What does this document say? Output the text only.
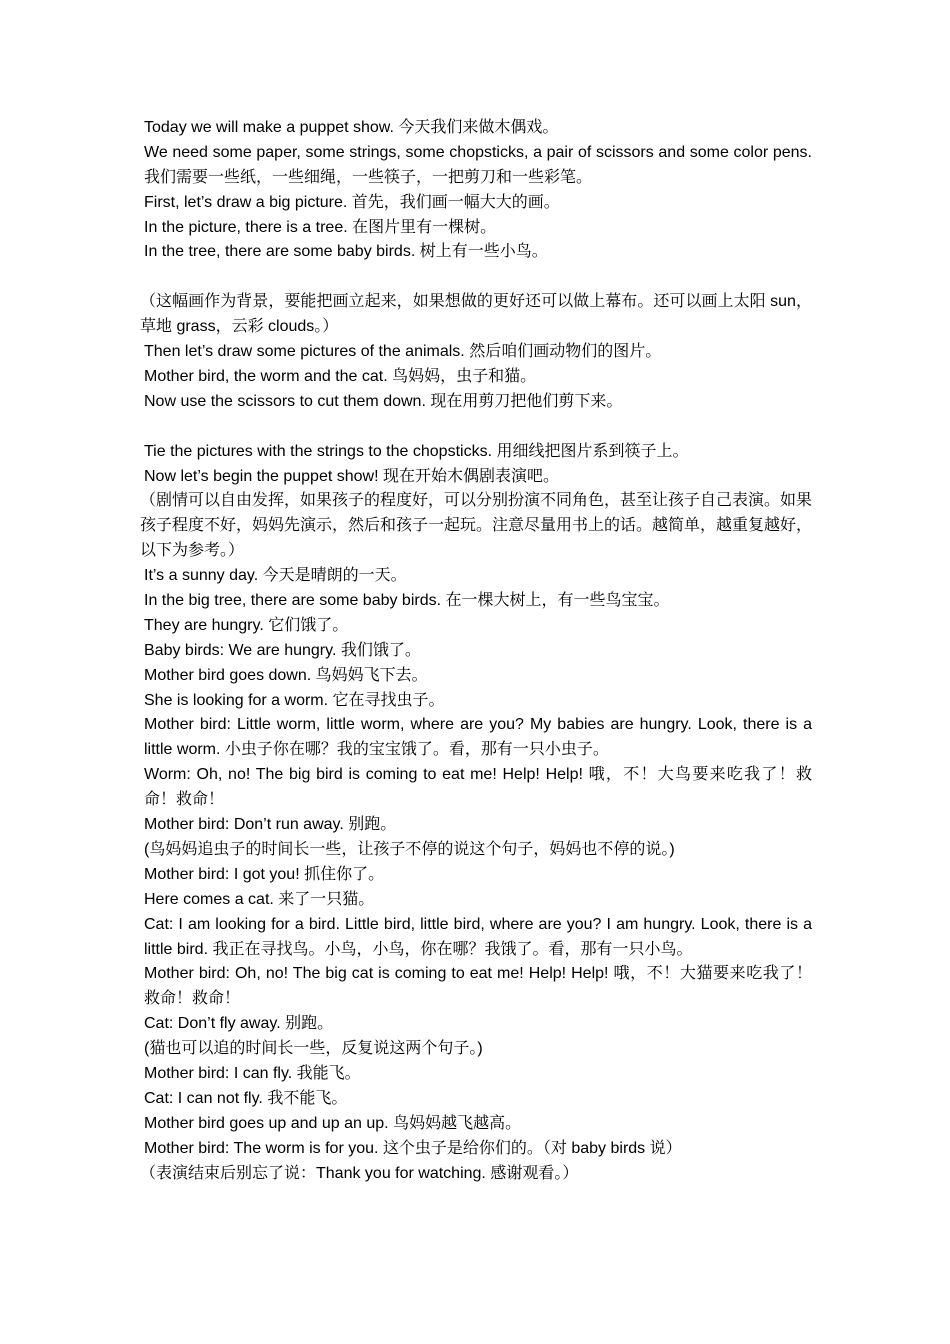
Today we will make a puppet show. 今天我们来做木偶戏。
We need some paper, some strings, some chopsticks, a pair of scissors and some color pens.我们需要一些纸，一些细绳，一些筷子，一把剪刀和一些彩笔。
First, let’s draw a big picture. 首先，我们画一幅大大的画。
In the picture, there is a tree. 在图片里有一棵树。
In the tree, there are some baby birds. 树上有一些小鸟。
（这幅画作为背景，要能把画立起来，如果想做的更好还可以做上幕布。还可以画上太阳 sun，草地 grass，云彩 clouds。）
Then let’s draw some pictures of the animals. 然后咱们画动物们的图片。
Mother bird, the worm and the cat. 鸟妈妈，虫子和猫。
Now use the scissors to cut them down. 现在用剪刀把他们剪下来。
Tie the pictures with the strings to the chopsticks. 用细线把图片系到筷子上。
Now let’s begin the puppet show! 现在开始木偶剧表演吧。
（剧情可以自由发挥，如果孩子的程度好，可以分别扮演不同角色，甚至让孩子自己表演。如果孩子程度不好，妈妈先演示，然后和孩子一起玩。注意尽量用书上的话。越简单，越重复越好，以下为参考。）
It’s a sunny day. 今天是晴朗的一天。
In the big tree, there are some baby birds. 在一棵大树上，有一些鸟宝宝。
They are hungry. 它们饿了。
Baby birds: We are hungry. 我们饿了。
Mother bird goes down. 鸟妈妈飞下去。
She is looking for a worm. 它在寻找虫子。
Mother bird: Little worm, little worm, where are you? My babies are hungry. Look, there is a little worm. 小虫子你在哪？我的宝宝饿了。看，那有一只小虫子。
Worm: Oh, no! The big bird is coming to eat me! Help! Help! 哦，不！大鸟要来吃我了！救命！救命！
Mother bird: Don’t run away. 别跑。
(鸟妈妈追虫子的时间长一些，让孩子不停的说这个句子，妈妈也不停的说。)
Mother bird: I got you! 抓住你了。
Here comes a cat. 来了一只猫。
Cat: I am looking for a bird. Little bird, little bird, where are you? I am hungry. Look, there is a little bird. 我正在寻找鸟。小鸟，小鸟，你在哪？我饿了。看，那有一只小鸟。
Mother bird: Oh, no! The big cat is coming to eat me! Help! Help! 哦，不！大猫要来吃我了！救命！救命！
Cat: Don’t fly away. 别跑。
(猫也可以追的时间长一些，反复说这两个句子。)
Mother bird: I can fly. 我能飞。
Cat: I can not fly. 我不能飞。
Mother bird goes up and up an up. 鸟妈妈越飞越高。
Mother bird: The worm is for you. 这个虫子是给你们的。（对 baby birds 说）
（表演结束后别忘了说：Thank you for watching. 感谢观看。）
